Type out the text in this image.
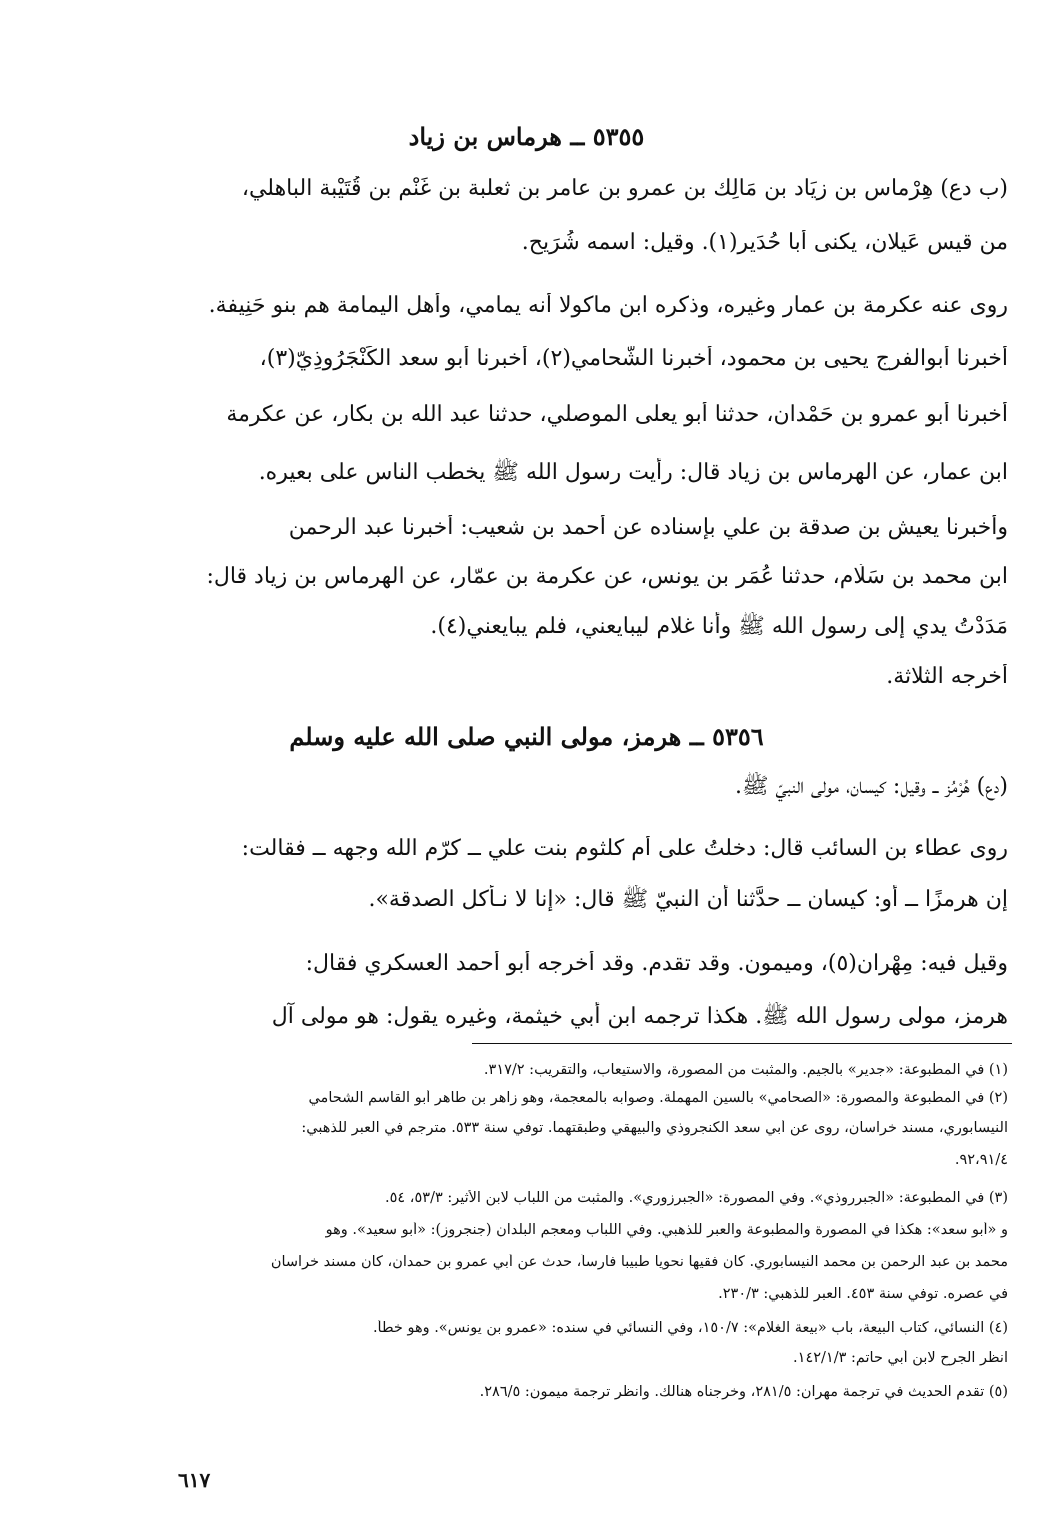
٥٣٥٥ ــ هرماس بن زياد
(ب دع) هِرْماس بن زِيَاد بن مَالِك بن عمرو بن عامر بن ثعلبة بن غَنْم بن قُتَيْبة الباهلي،
من قيس عَيلان، يكنى أبا حُدَير(١). وقيل: اسمه شُرَيح.
روى عنه عكرمة بن عمار وغيره، وذكره ابن ماكولا أنه يمامي، وأهل اليمامة هم بنو حَنِيفة.
أخبرنا أبوالفرج يحيى بن محمود، أخبرنا الشَّحامي(٢)، أخبرنا أبو سعد الكَنْجَرُوذِيّ(٣)،
أخبرنا أبو عمرو بن حَمْدان، حدثنا أبو يعلى الموصلي، حدثنا عبد الله بن بكار، عن عكرمة
ابن عمار، عن الهرماس بن زياد قال: رأيت رسول الله ﷺ يخطب الناس على بعيره.
وأخبرنا يعيش بن صدقة بن علي بإسناده عن أحمد بن شعيب: أخبرنا عبد الرحمن
ابن محمد بن سَلَّام، حدثنا عُمَر بن يونس، عن عكرمة بن عمّار، عن الهرماس بن زياد قال:
مَدَدْتُ يدي إلى رسول الله ﷺ وأنا غلام ليبايعني، فلم يبايعني(٤).
أخرجه الثلاثة.
٥٣٥٦ ــ هرمز، مولى النبي صلى الله عليه وسلم
(دع) هُرْمُز ــ وقيل: كيسان، مولى النبيّ ﷺ.
روى عطاء بن السائب قال: دخلتُ على أُم كلثوم بنت علي ــ كرّم الله وجهه ــ فقالت:
إن هرمزًا ــ أو: كيسان ــ حدَّثنا أن النبيّ ﷺ قال: «إنا لا نـأكل الصدقة».
وقيل فيه: مِهْران(٥)، وميمون. وقد تقدم. وقد أخرجه أبو أحمد العسكري فقال:
هرمز، مولى رسول الله ﷺ. هكذا ترجمه ابن أبي خيثمة، وغيره يقول: هو مولى آل
(١) في المطبوعة: «جدير» بالجيم. والمثبت من المصورة، والاستيعاب، والتقريب: ٣١٧/٢.
(٢) في المطبوعة والمصورة: «الصحامي» بالسين المهملة. وصوابه بالمعجمة، وهو زاهر بن طاهر أبو القاسم الشحامي
النيسابوري، مسند خراسان، روى عن أبي سعد الكنجروذي والبيهقي وطبقتهما. توفي سنة ٥٣٣. مترجم في العبر للذهبي:
٩٢،٩١/٤.
(٣) في المطبوعة: «الجبرروذي». وفي المصورة: «الجبرزوري». والمثبت من اللباب لابن الأثير: ٥٣/٣، ٥٤.
و «أبو سعد»: هكذا في المصورة والمطبوعة والعبر للذهبي. وفي اللباب ومعجم البلدان (جنجروز): «أبو سعيد». وهو
محمد بن عبد الرحمن بن محمد النيسابوري. كان فقيها نحويا طبيبا فارساً، حدث عن أبي عمرو بن حمدان، كان مسند خراسان
في عصره. توفي سنة ٤٥٣. العبر للذهبي: ٢٣٠/٣.
(٤) النسائي، كتاب البيعة، باب «بيعة الغلام»: ١٥٠/٧، وفي النسائي في سنده: «عمرو بن يونس». وهو خطأ.
انظر الجرح لابن أبي حاتم: ١٤٢/١/٣.
(٥) تقدم الحديث في ترجمة مهران: ٢٨١/٥، وخرجناه هنالك. وانظر ترجمة ميمون: ٢٨٦/٥.
٦١٧
